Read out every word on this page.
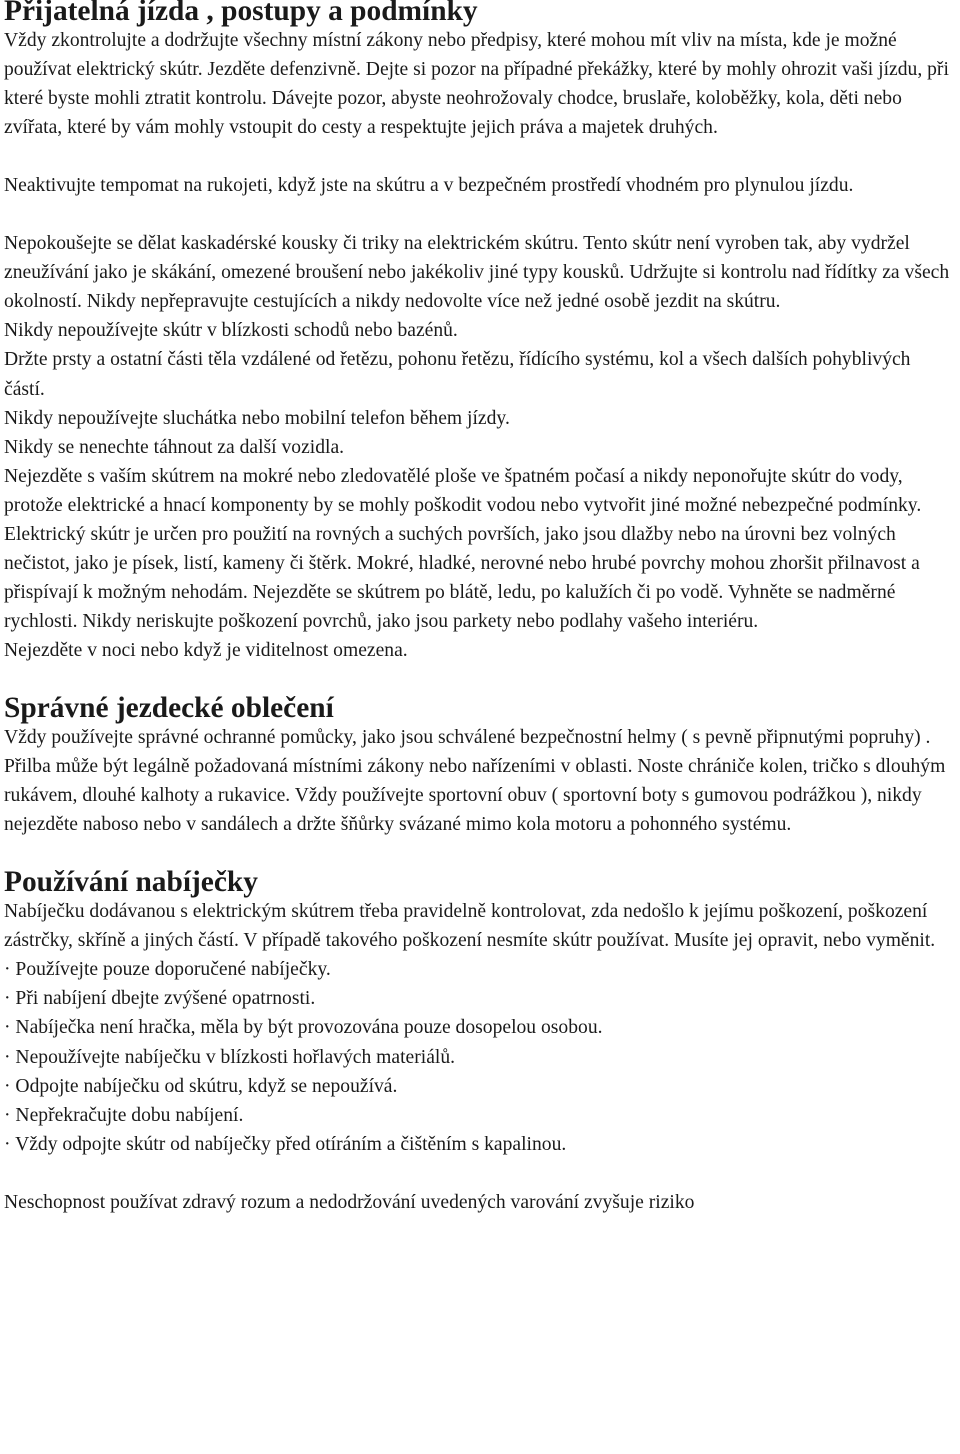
Přijatelná jízda , postupy a podmínky

Vždy zkontrolujte a dodržujte všechny místní zákony nebo předpisy, které mohou mít vliv na místa, kde je možné používat elektrický skútr. Jezděte defenzivně. Dejte si pozor na případné překážky, které by mohly ohrozit vaši jízdu, při které byste mohli ztratit kontrolu. Dávejte pozor, abyste neohrožovaly chodce, bruslaře, koloběžky, kola, děti nebo zvířata, které by vám mohly vstoupit do cesty a respektujte jejich práva a majetek druhých.

Neaktivujte tempomat na rukojeti, když jste na skútru a v bezpečném prostředí vhodném pro plynulou jízdu.

Nepokoušejte se dělat kaskadérské kousky či triky na elektrickém skútru. Tento skútr není vyroben tak, aby vydržel zneužívání jako je skákání, omezené broušení nebo jakékoliv jiné typy kousků. Udržujte si kontrolu nad řídítky za všech okolností. Nikdy nepřepravujte cestujících a nikdy nedovolte více než jedné osobě jezdit na skútru.

Nikdy nepoužívejte skútr v blízkosti schodů nebo bazénů.

Držte prsty a ostatní části těla vzdálené od řetězu, pohonu řetězu, řídícího systému, kol a všech dalších pohyblivých částí.

Nikdy nepoužívejte sluchátka nebo mobilní telefon během jízdy.

Nikdy se nenechte táhnout za další vozidla.

Nejezděte s vaším skútrem na mokré nebo zledovatělé ploše ve špatném počasí a nikdy neponořujte skútr do vody, protože elektrické a hnací komponenty by se mohly poškodit vodou nebo vytvořit jiné možné nebezpečné podmínky.

Elektrický skútr je určen pro použití na rovných a suchých površích, jako jsou dlažby nebo na úrovni bez volných nečistot, jako je písek, listí, kameny či štěrk. Mokré, hladké, nerovné nebo hrubé povrchy mohou zhoršit přilnavost a přispívají k možným nehodám. Nejezděte se skútrem po blátě, ledu, po kalužích či po vodě. Vyhněte se nadměrné rychlosti. Nikdy neriskujte poškození povrchů, jako jsou parkety nebo podlahy vašeho interiéru.

Nejezděte v noci nebo když je viditelnost omezena.

Správné jezdecké oblečení

Vždy používejte správné ochranné pomůcky, jako jsou schválené bezpečnostní helmy ( s pevně připnutými popruhy) . Přilba může být legálně požadovaná místními zákony nebo nařízeními v oblasti. Noste chrániče kolen, tričko s dlouhým rukávem, dlouhé kalhoty a rukavice. Vždy používejte sportovní obuv ( sportovní boty s gumovou podrážkou ), nikdy nejezděte naboso nebo v sandálech a držte šňůrky svázané mimo kola motoru a pohonného systému.

Používání nabíječky

Nabíječku dodávanou s elektrickým skútrem třeba pravidelně kontrolovat, zda nedošlo k jejímu poškození, poškození zástrčky, skříně a jiných částí. V případě takového poškození nesmíte skútr používat. Musíte jej opravit, nebo vyměnit.

· Používejte pouze doporučené nabíječky.

· Při nabíjení dbejte zvýšené opatrnosti.

· Nabíječka není hračka, měla by být provozována pouze dosopelou osobou.

· Nepoužívejte nabíječku v blízkosti hořlavých materiálů.

· Odpojte nabíječku od skútru, když se nepoužívá.

· Nepřekračujte dobu nabíjení.

· Vždy odpojte skútr od nabíječky před otíráním a čištěním s kapalinou.

Neschopnost používat zdravý rozum a nedodržování uvedených varování zvyšuje riziko
